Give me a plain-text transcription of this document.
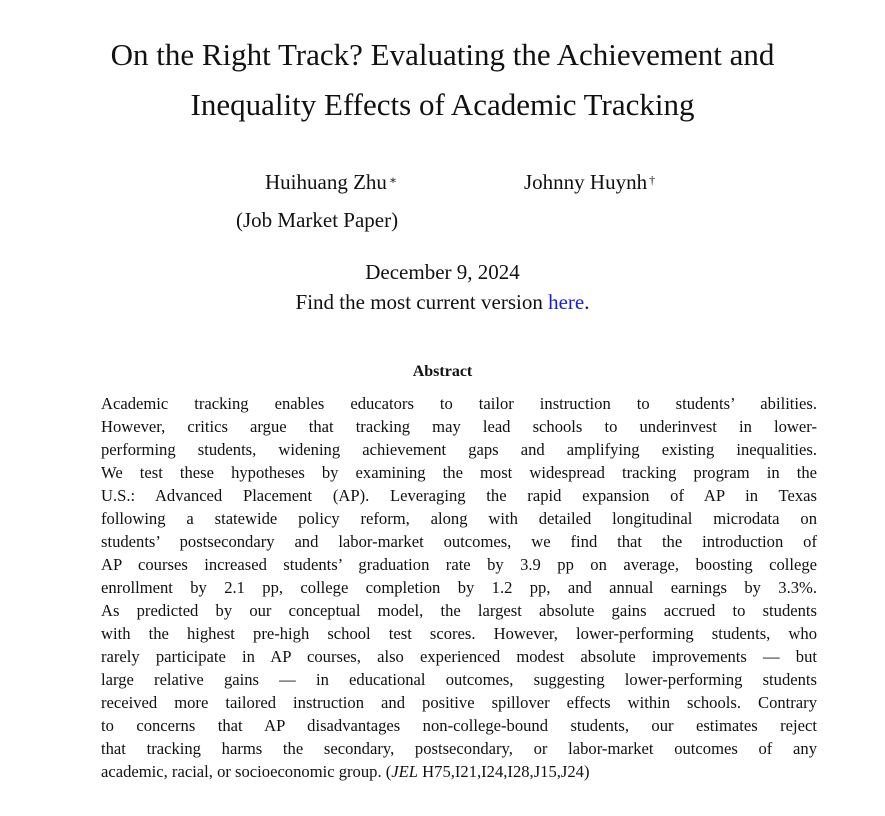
On the Right Track? Evaluating the Achievement and
Inequality Effects of Academic Tracking
Huihuang Zhu ∗	Johnny Huynh †
(Job Market Paper)
December 9, 2024
Find the most current version here.
Abstract
Academic tracking enables educators to tailor instruction to students’ abilities.
However, critics argue that tracking may lead schools to underinvest in lower-
performing students, widening achievement gaps and amplifying existing inequalities.
We test these hypotheses by examining the most widespread tracking program in the
U.S.: Advanced Placement (AP). Leveraging the rapid expansion of AP in Texas
following a statewide policy reform, along with detailed longitudinal microdata on
students’ postsecondary and labor-market outcomes, we find that the introduction of
AP courses increased students’ graduation rate by 3.9 pp on average, boosting college
enrollment by 2.1 pp, college completion by 1.2 pp, and annual earnings by 3.3%.
As predicted by our conceptual model, the largest absolute gains accrued to students
with the highest pre-high school test scores. However, lower-performing students, who
rarely participate in AP courses, also experienced modest absolute improvements — but
large relative gains — in educational outcomes, suggesting lower-performing students
received more tailored instruction and positive spillover effects within schools. Contrary
to concerns that AP disadvantages non-college-bound students, our estimates reject
that tracking harms the secondary, postsecondary, or labor-market outcomes of any
academic, racial, or socioeconomic group. (JEL H75,I21,I24,I28,J15,J24)
